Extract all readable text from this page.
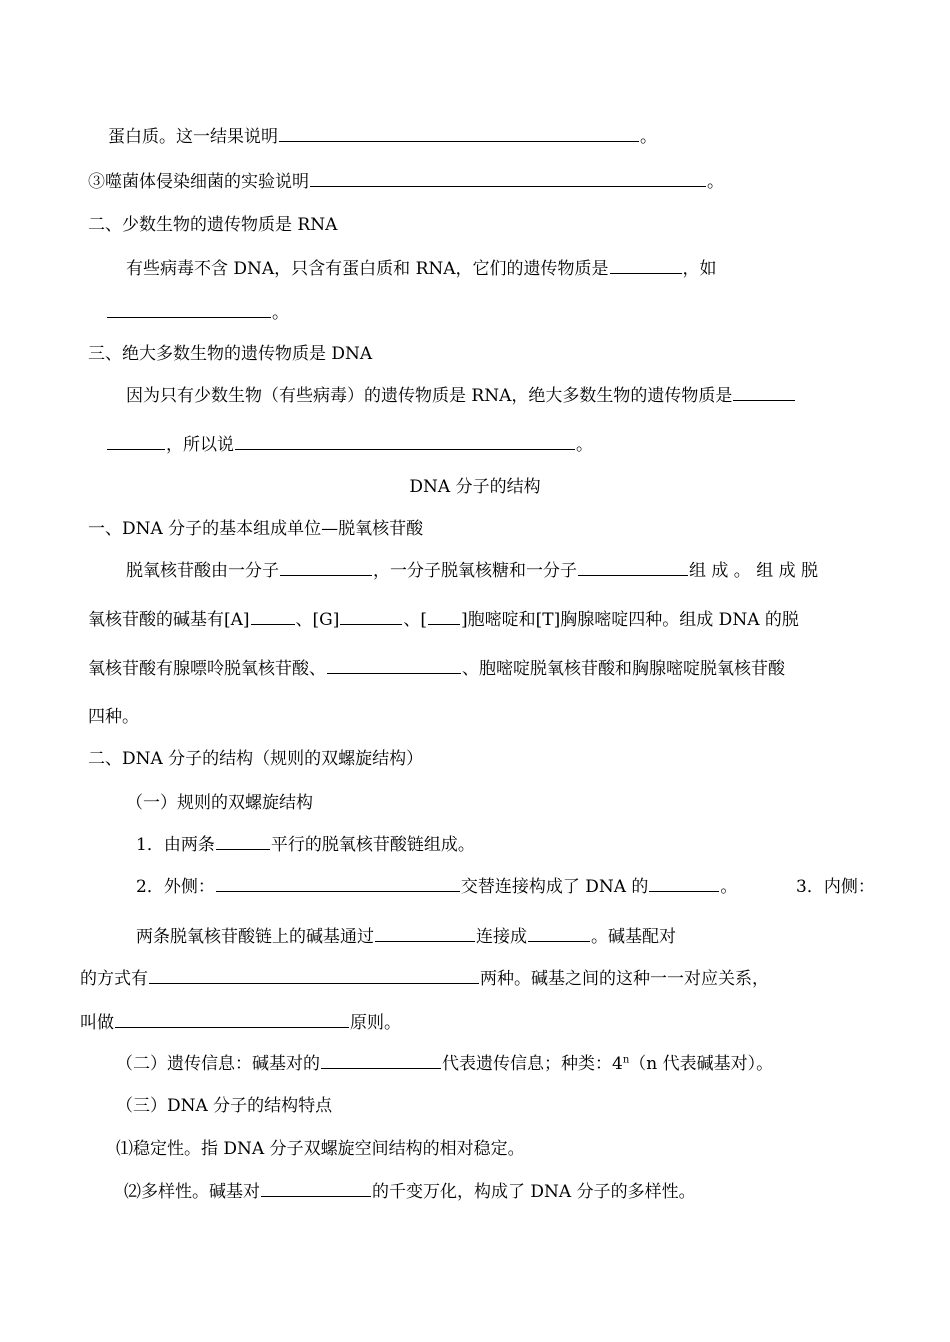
蛋白质。这一结果说明	。
③噬菌体侵染细菌的实验说明	。
二、少数生物的遗传物质是 RNA
有些病毒不含 DNA，只含有蛋白质和 RNA，它们的遗传物质是	，如
。
三、绝大多数生物的遗传物质是 DNA
因为只有少数生物（有些病毒）的遗传物质是 RNA，绝大多数生物的遗传物质是
，所以说	。
DNA 分子的结构
一、DNA 分子的基本组成单位—脱氧核苷酸
脱氧核苷酸由一分子	，一分子脱氧核糖和一分子	组 成 。 组 成 脱
氧核苷酸的碱基有[A]	、[G]	、[ ]胞嘧啶和[T]胸腺嘧啶四种。组成 DNA 的脱
氧核苷酸有腺嘌呤脱氧核苷酸、	、胞嘧啶脱氧核苷酸和胸腺嘧啶脱氧核苷酸
四种。
二、DNA 分子的结构（规则的双螺旋结构）
（一）规则的双螺旋结构
1．由两条	平行的脱氧核苷酸链组成。
2．外侧：	交替连接构成了 DNA 的	。	3．内侧：
两条脱氧核苷酸链上的碱基通过	连接成	。碱基配对
的方式有	两种。碱基之间的这种一一对应关系，
叫做	原则。
（二）遗传信息：碱基对的	代表遗传信息；种类：4$^n$（n 代表碱基对）。
（三）DNA 分子的结构特点
⑴稳定性。指 DNA 分子双螺旋空间结构的相对稳定。
⑵多样性。碱基对	的千变万化，构成了 DNA 分子的多样性。
